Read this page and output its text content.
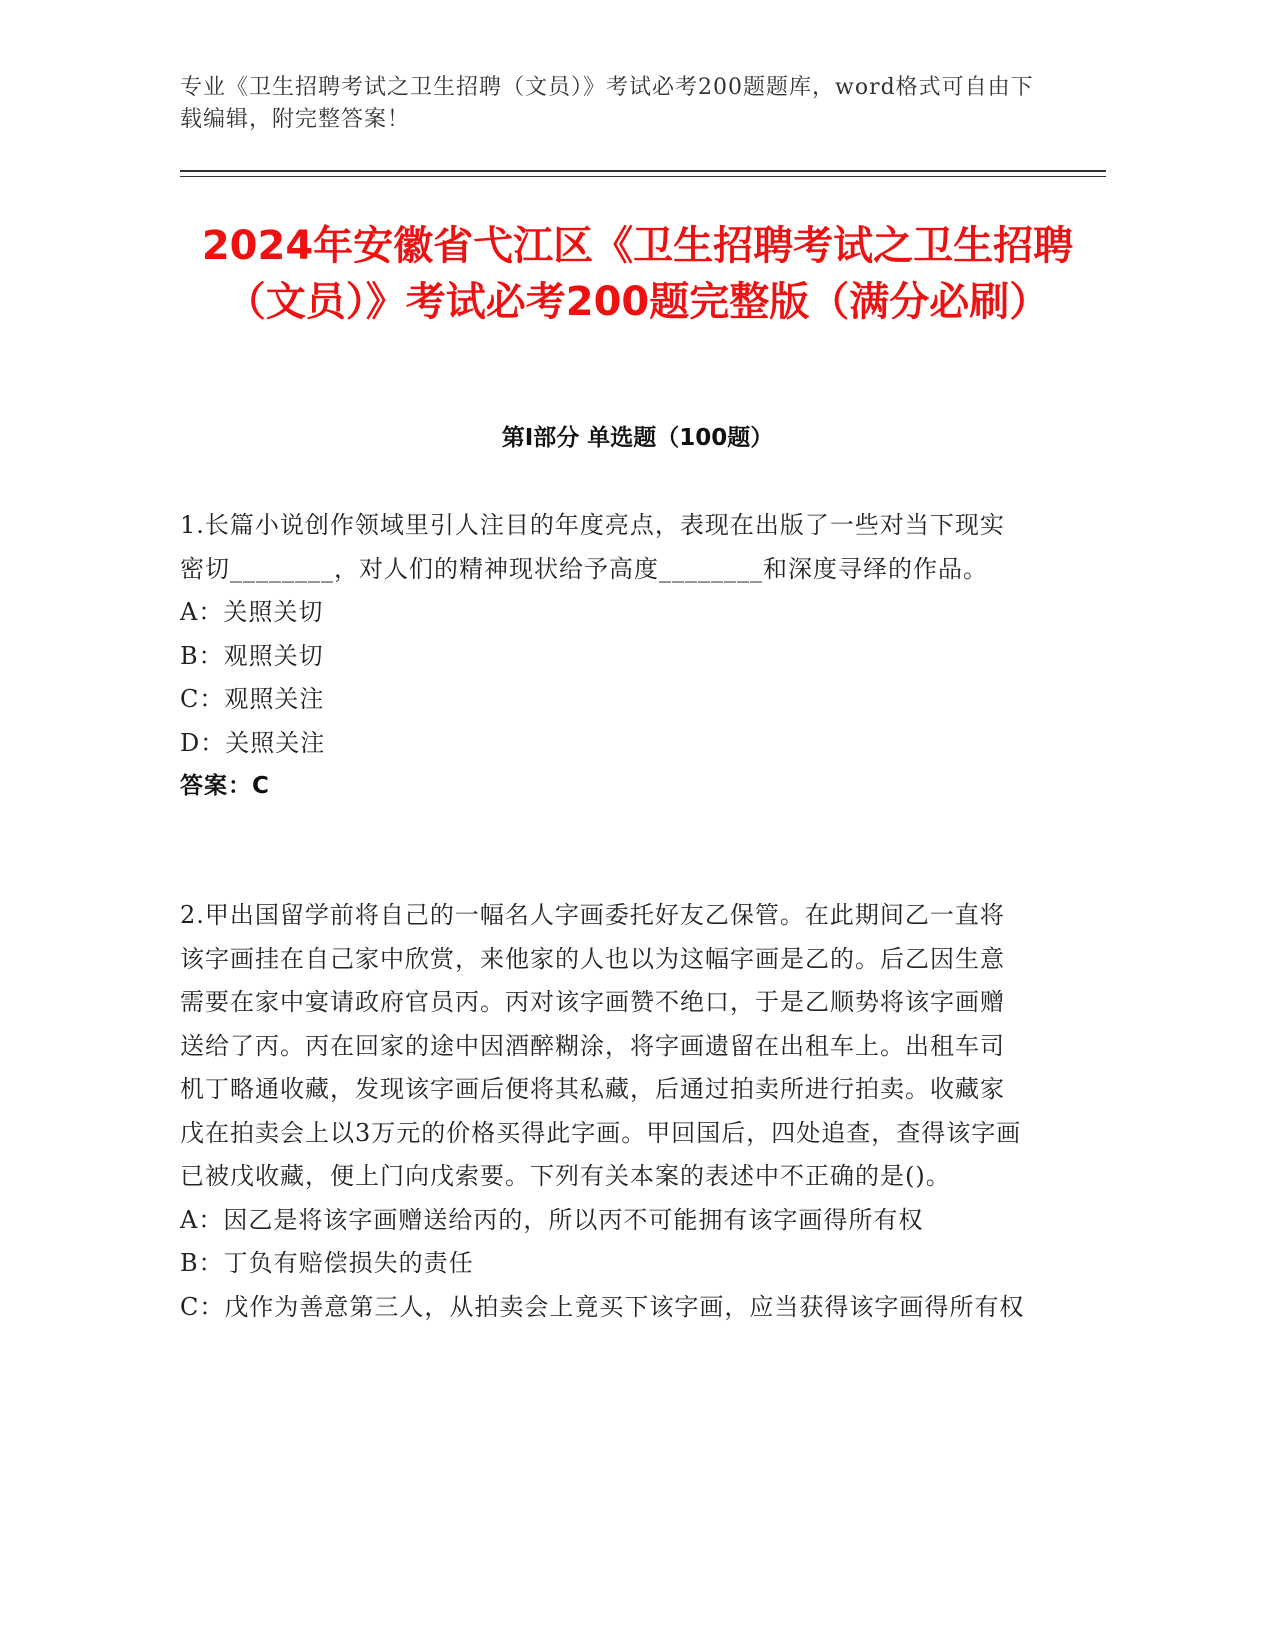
专业《卫生招聘考试之卫生招聘（文员）》考试必考200题题库，word格式可自由下载编辑，附完整答案！
2024年安徽省弋江区《卫生招聘考试之卫生招聘（文员）》考试必考200题完整版（满分必刷）
第Ⅰ部分 单选题（100题）
1.长篇小说创作领域里引人注目的年度亮点，表现在出版了一些对当下现实密切________，对人们的精神现状给予高度________和深度寻绎的作品。
A：关照关切
B：观照关切
C：观照关注
D：关照关注
答案：C
2.甲出国留学前将自己的一幅名人字画委托好友乙保管。在此期间乙一直将该字画挂在自己家中欣赏，来他家的人也以为这幅字画是乙的。后乙因生意需要在家中宴请政府官员丙。丙对该字画赞不绝口，于是乙顺势将该字画赠送给了丙。丙在回家的途中因酒醉糊涂，将字画遗留在出租车上。出租车司机丁略通收藏，发现该字画后便将其私藏，后通过拍卖所进行拍卖。收藏家戊在拍卖会上以3万元的价格买得此字画。甲回国后，四处追查，查得该字画已被戊收藏，便上门向戊索要。下列有关本案的表述中不正确的是()。
A：因乙是将该字画赠送给丙的，所以丙不可能拥有该字画得所有权
B：丁负有赔偿损失的责任
C：戊作为善意第三人，从拍卖会上竟买下该字画，应当获得该字画得所有权
